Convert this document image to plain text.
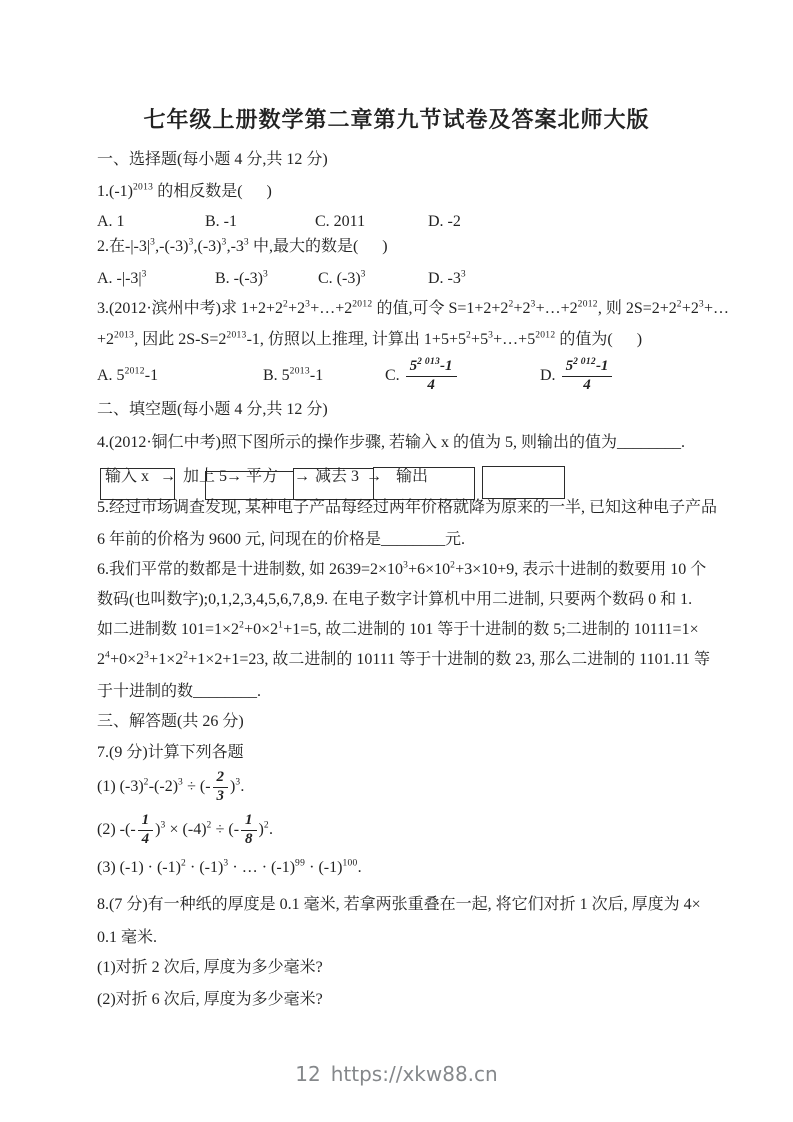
七年级上册数学第二章第九节试卷及答案北师大版
一、选择题(每小题 4 分,共 12 分)
$1.(-1)^{2013}$ 的相反数是(      )
A. 1	B. -1	C. 2011	D. -2
2.在$-|-3|^3,-(-3)^3,(-3)^3,-3^3$ 中,最大的数是(      )
A. $-|-3|^3$	B. $-(-3)^3$	C. $(-3)^3$	D. $-3^3$
3.(2012·滨州中考)求 $1+2+2^2+2^3+\dots+2^{2012}$ 的值,可令 $S=1+2+2^2+2^3+\dots+2^{2012}$, 则 $2S=2+2^2+2^3+\dots$
$+2^{2013}$, 因此 $2S-S=2^{2013}-1$, 仿照以上推理, 计算出 $1+5+5^2+5^3+\dots+5^{2012}$ 的值为(      )
A. $5^{2012}-1$	B. $5^{2013}-1$	C. $\frac{5^{2 013}-1}{4}$	D. $\frac{5^{2 012}-1}{4}$
二、填空题(每小题 4 分,共 12 分)
4.(2012·铜仁中考)照下图所示的操作步骤, 若输入 x 的值为 5, 则输出的值为________.
输入 x → 加上 5
→ 平方 → 减去 3 → 输出
5.经过市场调查发现, 某种电子产品每经过两年价格就降为原来的一半, 已知这种电子产品
6 年前的价格为 9600 元, 问现在的价格是________元.
6.我们平常的数都是十进制数, 如 $2639=2\times 10^3+6\times 10^2+3\times 10+9$, 表示十进制的数要用 10 个
数码(也叫数字);0,1,2,3,4,5,6,7,8,9. 在电子数字计算机中用二进制, 只要两个数码 0 和 1.
如二进制数 $101=1\times 2^2+0\times 2^1+1=5$, 故二进制的 101 等于十进制的数 5;二进制的 10111=1×
$2^4+0\times 2^3+1\times 2^2+1\times 2+1=23$, 故二进制的 10111 等于十进制的数 23, 那么二进制的 1101.11 等
于十进制的数________.
三、解答题(共 26 分)
7.(9 分)计算下列各题
(1) $(-3)^2-(-2)^3$ ÷ (- $\frac{2}{3} )^3$.
(2) -(- $\frac{1}{4} )^3 \times (-4)^2$ ÷ (- $\frac{1}{8} )^2$.
(3) $(-1) \cdot (-1)^2 \cdot (-1)^3$ · … · $(-1)^{99} \cdot (-1)^{100}$.
8.(7 分)有一种纸的厚度是 0.1 毫米, 若拿两张重叠在一起, 将它们对折 1 次后, 厚度为 4×
0.1 毫米.
(1)对折 2 次后, 厚度为多少毫米?
(2)对折 6 次后, 厚度为多少毫米?
12 https://xkw88.cn
